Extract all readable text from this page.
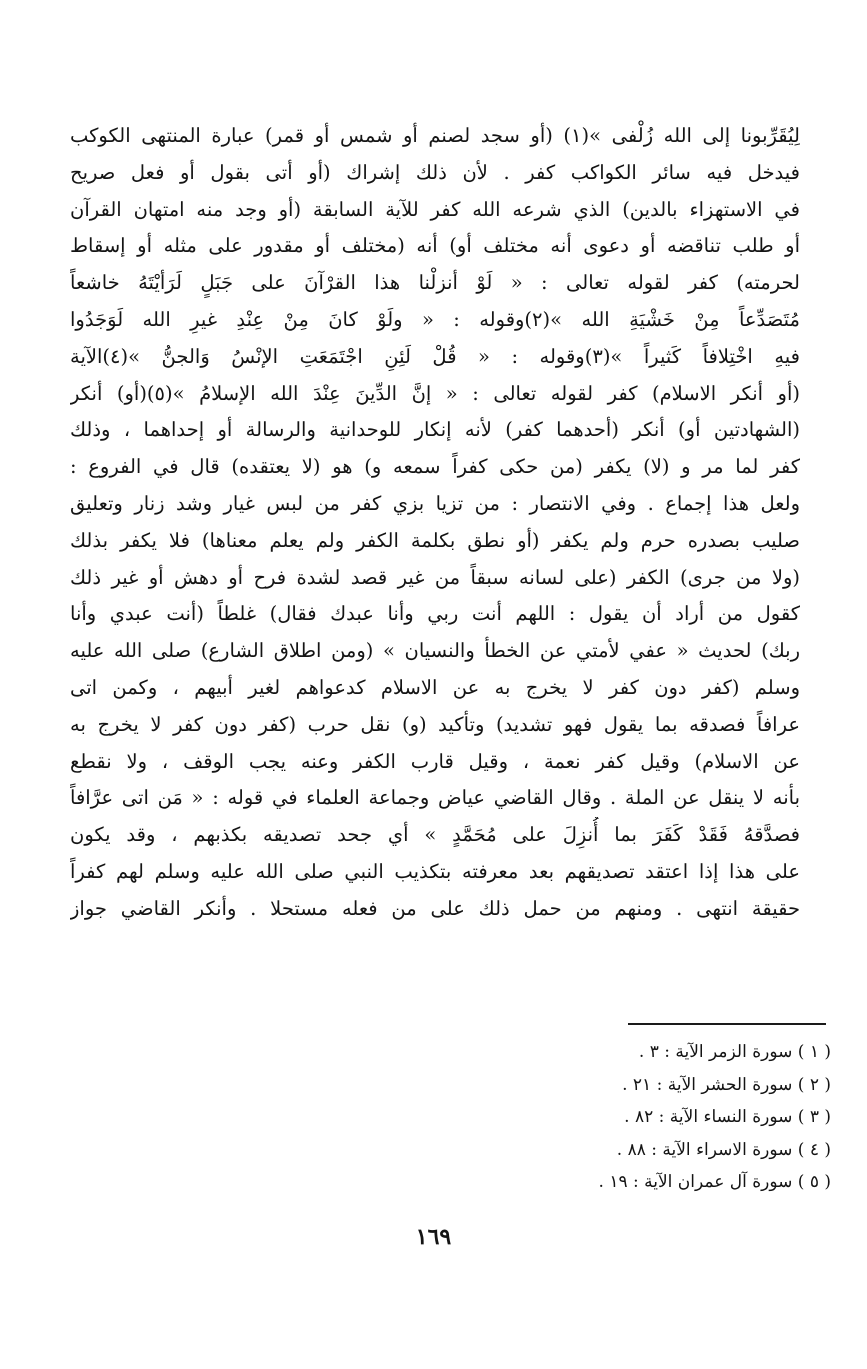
لِيُقَرِّبونا إلى الله زُلْفى »(١) (أو سجد لصنم أو شمس أو قمر) عبارة المنتهى الكوكب
فيدخل فيه سائر الكواكب كفر . لأن ذلك إشراك (أو أتى بقول أو فعل صريح
في الاستهزاء بالدين) الذي شرعه الله كفر للآية السابقة (أو وجد منه امتهان القرآن
أو طلب تناقضه أو دعوى أنه مختلف أو) أنه (مختلف أو مقدور على مثله أو إسقاط
لحرمته) كفر لقوله تعالى : « لَوْ أنزلْنا هذا القرْآنَ على جَبَلٍ لَرَأيْتَهُ خاشعاً
مُتَصَدِّعاً مِنْ خَشْيَةِ الله »(٢)وقوله : « ولَوْ كانَ مِنْ عِنْدِ غيرِ الله لَوَجَدُوا
فيهِ اخْتِلافاً كَثيراً »(٣)وقوله : « قُلْ لَئِنِ اجْتَمَعَتِ الإنْسُ وَالجنُّ »(٤)الآية
(أو أنكر الاسلام) كفر لقوله تعالى : « إنَّ الدِّينَ عِنْدَ الله الإسلامُ »(٥)(أو) أنكر
(الشهادتين أو) أنكر (أحدهما كفر) لأنه إنكار للوحدانية والرسالة أو إحداهما ، وذلك
كفر لما مر و (لا) يكفر (من حكى كفراً سمعه و) هو (لا يعتقده) قال في الفروع :
ولعل هذا إجماع . وفي الانتصار : من تزيا بزي كفر من لبس غيار وشد زنار وتعليق
صليب بصدره حرم ولم يكفر (أو نطق بكلمة الكفر ولم يعلم معناها) فلا يكفر بذلك
(ولا من جرى) الكفر (على لسانه سبقاً من غير قصد لشدة فرح أو دهش أو غير ذلك
كقول من أراد أن يقول : اللهم أنت ربي وأنا عبدك فقال) غلطاً (أنت عبدي وأنا
ربك) لحديث « عفي لأمتي عن الخطأ والنسيان » (ومن اطلاق الشارع) صلى الله عليه
وسلم (كفر دون كفر لا يخرج به عن الاسلام كدعواهم لغير أبيهم ، وكمن اتى
عرافاً فصدقه بما يقول فهو تشديد) وتأكيد (و) نقل حرب (كفر دون كفر لا يخرج به
عن الاسلام) وقيل كفر نعمة ، وقيل قارب الكفر وعنه يجب الوقف ، ولا نقطع
بأنه لا ينقل عن الملة . وقال القاضي عياض وجماعة العلماء في قوله : « مَن اتى عرَّافاً
فصدَّقهُ فَقَدْ كَفَرَ بما أُنزِلَ على مُحَمَّدٍ » أي جحد تصديقه بكذبهم ، وقد يكون
على هذا إذا اعتقد تصديقهم بعد معرفته بتكذيب النبي صلى الله عليه وسلم لهم كفراً
حقيقة انتهى . ومنهم من حمل ذلك على من فعله مستحلا . وأنكر القاضي جواز
( ١ ) سورة الزمر الآية : ٣ .
( ٢ ) سورة الحشر الآية : ٢١ .
( ٣ ) سورة النساء الآية : ٨٢ .
( ٤ ) سورة الاسراء الآية : ٨٨ .
( ٥ ) سورة آل عمران الآية : ١٩ .
١٦٩
